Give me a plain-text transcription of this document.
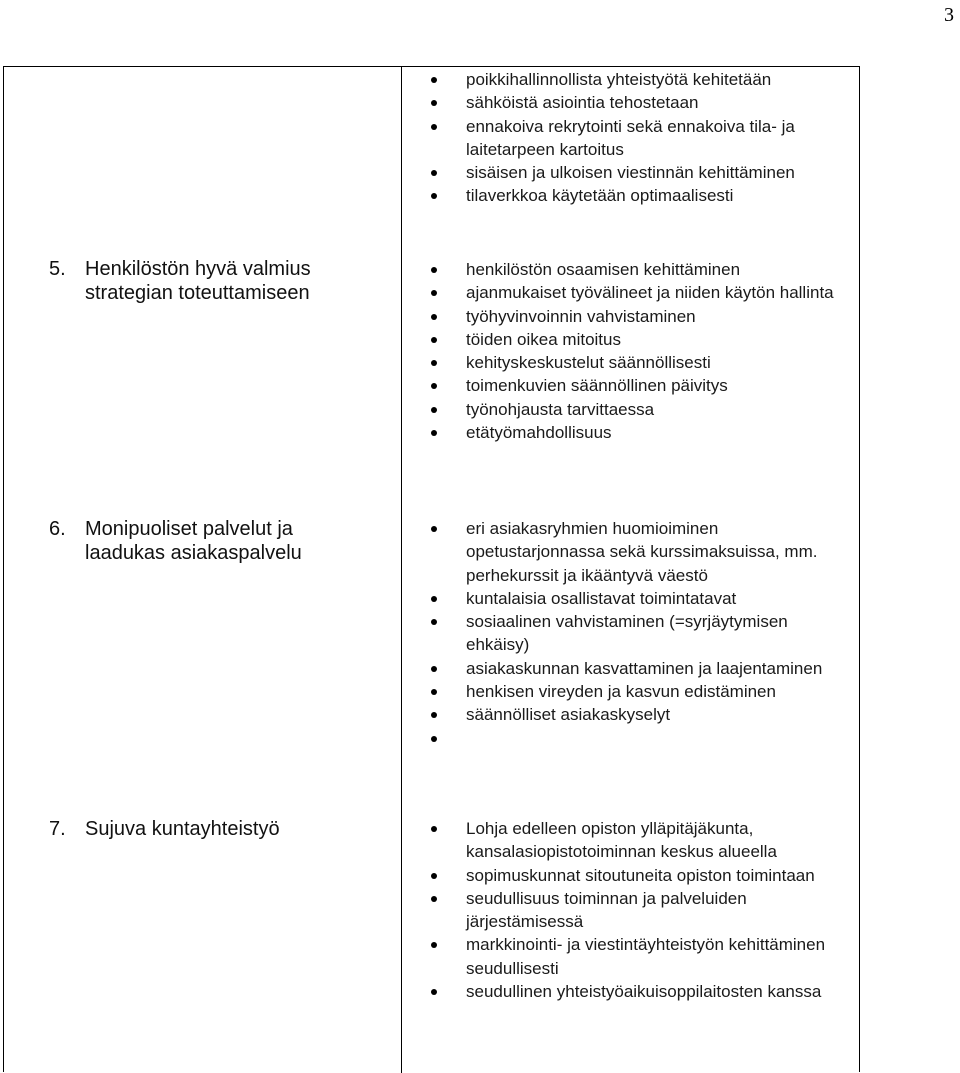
3
poikkihallinnollista yhteistyötä kehitetään
sähköistä asiointia tehostetaan
ennakoiva rekrytointi sekä ennakoiva tila- ja laitetarpeen kartoitus
sisäisen ja ulkoisen viestinnän kehittäminen
tilaverkkoa käytetään optimaalisesti
5. Henkilöstön hyvä valmius
strategian toteuttamiseen
henkilöstön osaamisen kehittäminen
ajanmukaiset työvälineet ja niiden käytön hallinta
työhyvinvoinnin vahvistaminen
töiden oikea mitoitus
kehityskeskustelut säännöllisesti
toimenkuvien säännöllinen päivitys
työnohjausta tarvittaessa
etätyömahdollisuus
6. Monipuoliset palvelut ja
laadukas asiakaspalvelu
eri asiakasryhmien huomioiminen opetustarjonnassa sekä kurssimaksuissa, mm. perhekurssit ja ikääntyvä väestö
kuntalaisia osallistavat toimintatavat
sosiaalinen vahvistaminen (=syrjäytymisen ehkäisy)
asiakaskunnan kasvattaminen ja laajentaminen
henkisen vireyden ja kasvun edistäminen
säännölliset asiakaskyselyt
7. Sujuva kuntayhteistyö	Lohja edelleen opiston ylläpitäjäkunta, kansalasiopistotoiminnan keskus alueella
sopimuskunnat sitoutuneita opiston toimintaan
seudullisuus toiminnan ja palveluiden järjestämisessä
markkinointi- ja viestintäyhteistyön kehittäminen seudullisesti
seudullinen yhteistyöaikuisoppilaitosten kanssa
